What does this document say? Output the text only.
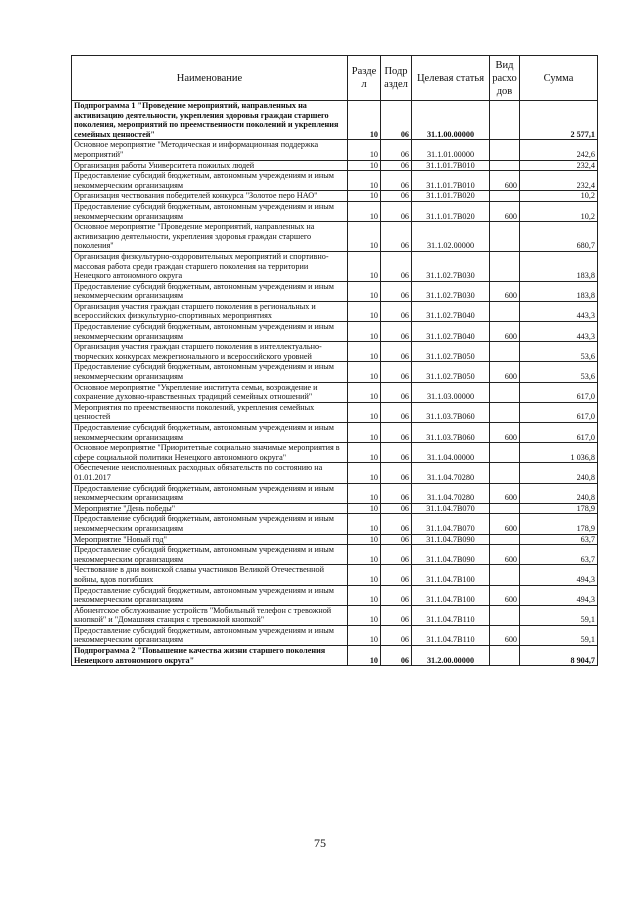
Наименование	Разде л	Подр аздел	Целевая статья	Вид расхо дов	Сумма
Подпрограмма 1 "Проведение мероприятий, направленных на активизацию деятельности, укрепления здоровья граждан старшего поколения, мероприятий по преемственности поколений и укрепления семейных ценностей"	10	06	31.1.00.00000		2 577,1
Основное мероприятие "Методическая и информационная поддержка мероприятий"	10	06	31.1.01.00000		242,6
Организация работы Университета пожилых людей	10	06	31.1.01.7В010		232,4
Предоставление субсидий бюджетным, автономным учреждениям и иным некоммерческим организациям	10	06	31.1.01.7В010	600	232,4
Организация чествования победителей конкурса "Золотое перо НАО"	10	06	31.1.01.7В020		10,2
Предоставление субсидий бюджетным, автономным учреждениям и иным некоммерческим организациям	10	06	31.1.01.7В020	600	10,2
Основное мероприятие "Проведение мероприятий, направленных на активизацию деятельности, укрепления здоровья граждан старшего поколения"	10	06	31.1.02.00000		680,7
Организация физкультурно-оздоровительных мероприятий и спортивно-массовая работа среди граждан старшего поколения на территории Ненецкого автономного округа	10	06	31.1.02.7В030		183,8
Предоставление субсидий бюджетным, автономным учреждениям и иным некоммерческим организациям	10	06	31.1.02.7В030	600	183,8
Организация участия граждан старшего поколения в региональных и всероссийских физкультурно-спортивных мероприятиях	10	06	31.1.02.7В040		443,3
Предоставление субсидий бюджетным, автономным учреждениям и иным некоммерческим организациям	10	06	31.1.02.7В040	600	443,3
Организация участия граждан старшего поколения в интеллектуально-творческих конкурсах межрегионального и всероссийского уровней	10	06	31.1.02.7В050		53,6
Предоставление субсидий бюджетным, автономным учреждениям и иным некоммерческим организациям	10	06	31.1.02.7В050	600	53,6
Основное мероприятие "Укрепление института семьи, возрождение и сохранение духовно-нравственных традиций семейных отношений"	10	06	31.1.03.00000		617,0
Мероприятия по преемственности поколений, укрепления семейных ценностей	10	06	31.1.03.7В060		617,0
Предоставление субсидий бюджетным, автономным учреждениям и иным некоммерческим организациям	10	06	31.1.03.7В060	600	617,0
Основное мероприятие "Приоритетные социально значимые мероприятия в сфере социальной политики Ненецкого автономного округа"	10	06	31.1.04.00000		1 036,8
Обеспечение неисполненных расходных обязательств по состоянию на 01.01.2017	10	06	31.1.04.70280		240,8
Предоставление субсидий бюджетным, автономным учреждениям и иным некоммерческим организациям	10	06	31.1.04.70280	600	240,8
Мероприятие "День победы"	10	06	31.1.04.7В070		178,9
Предоставление субсидий бюджетным, автономным учреждениям и иным некоммерческим организациям	10	06	31.1.04.7В070	600	178,9
Мероприятие "Новый год"	10	06	31.1.04.7В090		63,7
Предоставление субсидий бюджетным, автономным учреждениям и иным некоммерческим организациям	10	06	31.1.04.7В090	600	63,7
Чествование в дни воинской славы участников Великой Отечественной войны, вдов погибших	10	06	31.1.04.7В100		494,3
Предоставление субсидий бюджетным, автономным учреждениям и иным некоммерческим организациям	10	06	31.1.04.7В100	600	494,3
Абонентское обслуживание устройств "Мобильный телефон с тревожной кнопкой" и "Домашняя станция с тревожной кнопкой"	10	06	31.1.04.7В110		59,1
Предоставление субсидий бюджетным, автономным учреждениям и иным некоммерческим организациям	10	06	31.1.04.7В110	600	59,1
Подпрограмма 2 "Повышение качества жизни старшего поколения Ненецкого автономного округа"	10	06	31.2.00.00000		8 904,7
75
